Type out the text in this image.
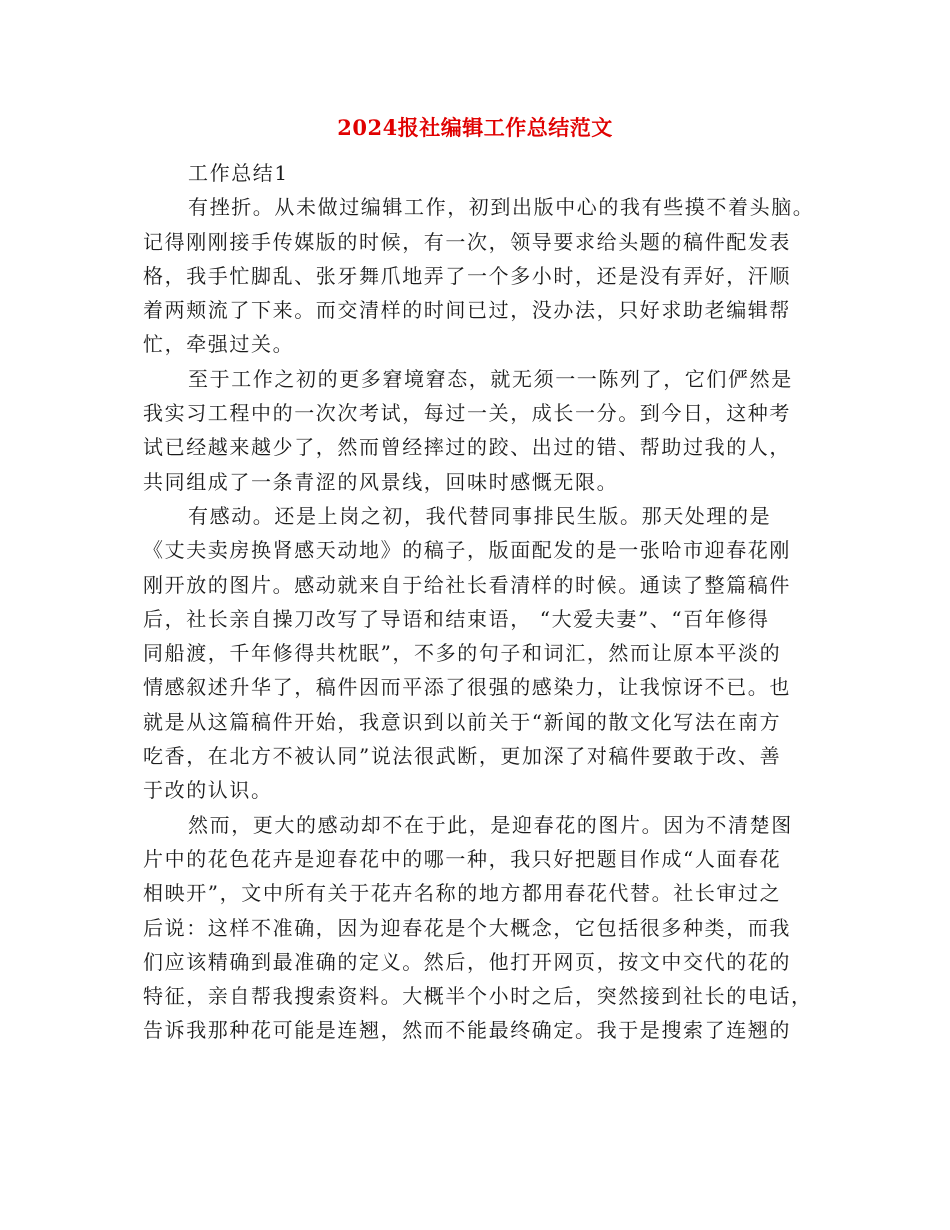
2024报社编辑工作总结范文
工作总结1
有挫折。从未做过编辑工作，初到出版中心的我有些摸不着头脑。
记得刚刚接手传媒版的时候，有一次，领导要求给头题的稿件配发表
格，我手忙脚乱、张牙舞爪地弄了一个多小时，还是没有弄好，汗顺
着两颊流了下来。而交清样的时间已过，没办法，只好求助老编辑帮
忙，牵强过关。
至于工作之初的更多窘境窘态，就无须一一陈列了，它们俨然是
我实习工程中的一次次考试，每过一关，成长一分。到今日，这种考
试已经越来越少了，然而曾经摔过的跤、出过的错、帮助过我的人，
共同组成了一条青涩的风景线，回味时感慨无限。
有感动。还是上岗之初，我代替同事排民生版。那天处理的是
《丈夫卖房换肾感天动地》的稿子，版面配发的是一张哈市迎春花刚
刚开放的图片。感动就来自于给社长看清样的时候。通读了整篇稿件
后，社长亲自操刀改写了导语和结束语， “大爱夫妻”、“百年修得
同船渡，千年修得共枕眠”，不多的句子和词汇，然而让原本平淡的
情感叙述升华了，稿件因而平添了很强的感染力，让我惊讶不已。也
就是从这篇稿件开始，我意识到以前关于“新闻的散文化写法在南方
吃香，在北方不被认同”说法很武断，更加深了对稿件要敢于改、善
于改的认识。
然而，更大的感动却不在于此，是迎春花的图片。因为不清楚图
片中的花色花卉是迎春花中的哪一种，我只好把题目作成“人面春花
相映开”，文中所有关于花卉名称的地方都用春花代替。社长审过之
后说：这样不准确，因为迎春花是个大概念，它包括很多种类，而我
们应该精确到最准确的定义。然后，他打开网页，按文中交代的花的
特征，亲自帮我搜索资料。大概半个小时之后，突然接到社长的电话，
告诉我那种花可能是连翘，然而不能最终确定。我于是搜索了连翘的
